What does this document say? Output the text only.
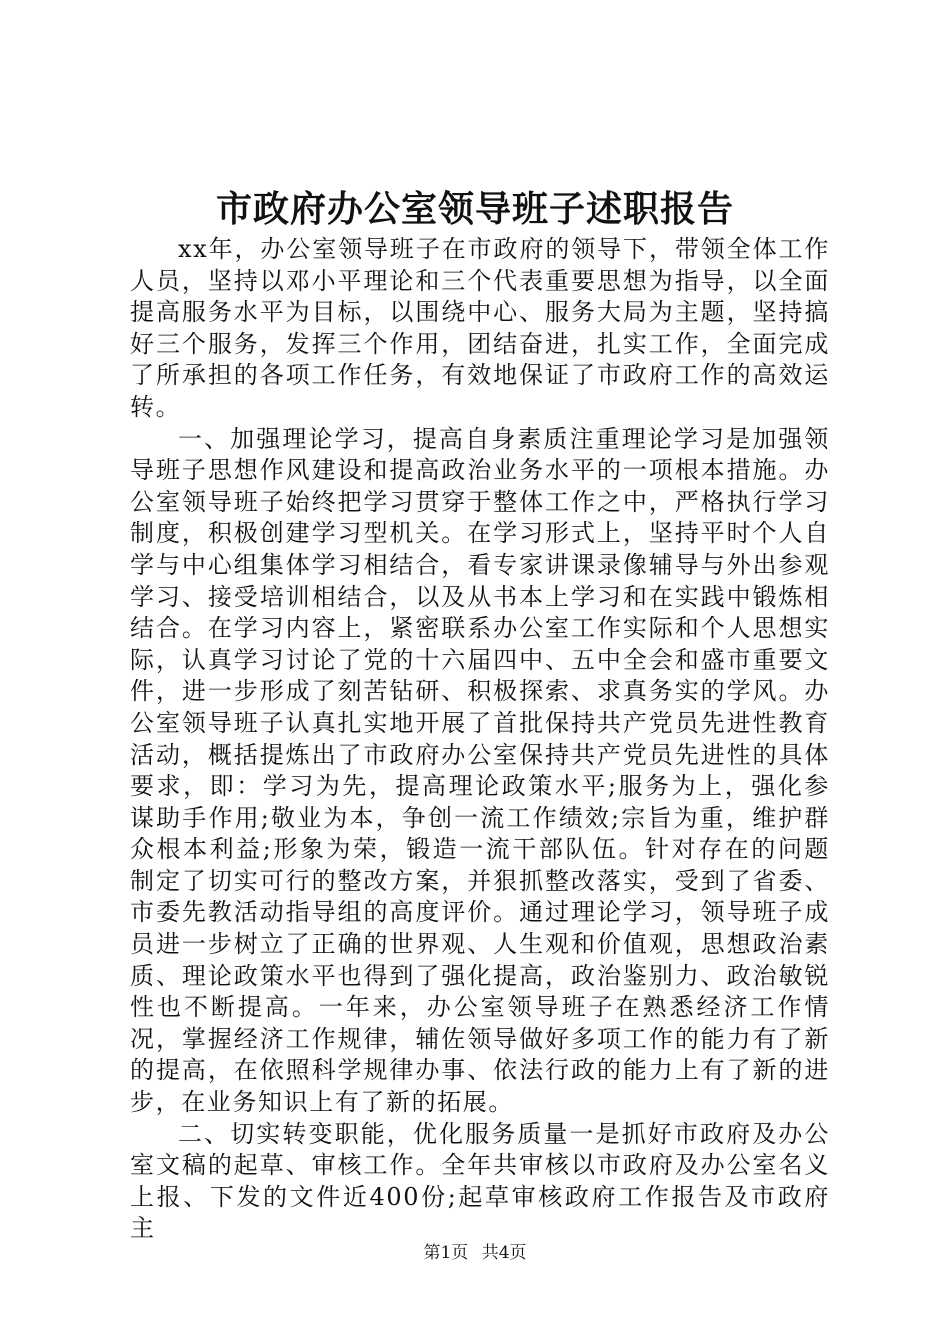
市政府办公室领导班子述职报告

xx年，办公室领导班子在市政府的领导下，带领全体工作人员，坚持以邓小平理论和三个代表重要思想为指导，以全面提高服务水平为目标，以围绕中心、服务大局为主题，坚持搞好三个服务，发挥三个作用，团结奋进，扎实工作，全面完成了所承担的各项工作任务，有效地保证了市政府工作的高效运转。

一、加强理论学习，提高自身素质注重理论学习是加强领导班子思想作风建设和提高政治业务水平的一项根本措施。办公室领导班子始终把学习贯穿于整体工作之中，严格执行学习制度，积极创建学习型机关。在学习形式上，坚持平时个人自学与中心组集体学习相结合，看专家讲课录像辅导与外出参观学习、接受培训相结合，以及从书本上学习和在实践中锻炼相结合。在学习内容上，紧密联系办公室工作实际和个人思想实际，认真学习讨论了党的十六届四中、五中全会和盛市重要文件，进一步形成了刻苦钻研、积极探索、求真务实的学风。办公室领导班子认真扎实地开展了首批保持共产党员先进性教育活动，概括提炼出了市政府办公室保持共产党员先进性的具体要求，即：学习为先，提高理论政策水平;服务为上，强化参谋助手作用;敬业为本，争创一流工作绩效;宗旨为重，维护群众根本利益;形象为荣，锻造一流干部队伍。针对存在的问题制定了切实可行的整改方案，并狠抓整改落实，受到了省委、市委先教活动指导组的高度评价。通过理论学习，领导班子成员进一步树立了正确的世界观、人生观和价值观，思想政治素质、理论政策水平也得到了强化提高，政治鉴别力、政治敏锐性也不断提高。一年来，办公室领导班子在熟悉经济工作情况，掌握经济工作规律，辅佐领导做好多项工作的能力有了新的提高，在依照科学规律办事、依法行政的能力上有了新的进步，在业务知识上有了新的拓展。

二、切实转变职能，优化服务质量一是抓好市政府及办公室文稿的起草、审核工作。全年共审核以市政府及办公室名义上报、下发的文件近400份;起草审核政府工作报告及市政府主

第1页 共4页
